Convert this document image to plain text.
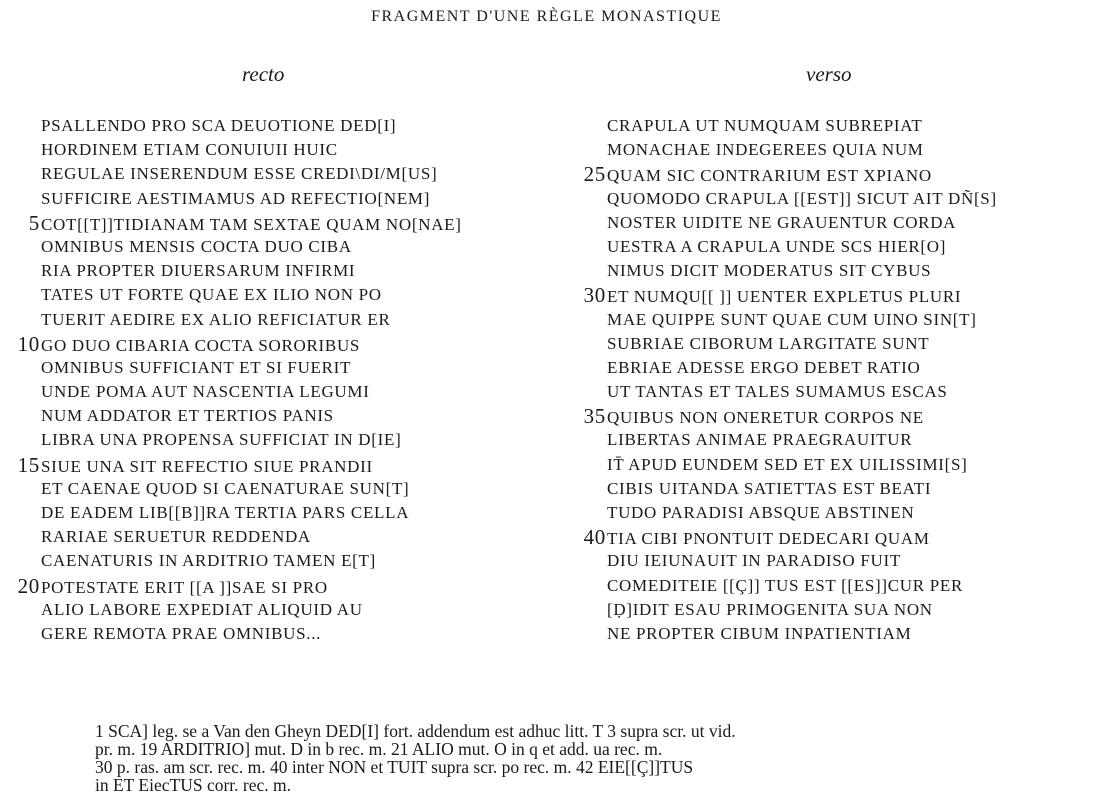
FRAGMENT D'UNE RÈGLE MONASTIQUE
recto	verso
PSALLENDO PRO SCA DEUOTIONE DED[I]
HORDINEM ETIAM CONUIUII HUIC
REGULAE INSERENDUM ESSE CREDI\DI/M[US]
SUFFICIRE AESTIMAMUS AD REFECTIO[NEM]
5COT[[T]]TIDIANAM TAM SEXTAE QUAM NO[NAE]
OMNIBUS MENSIS COCTA DUO CIBA
RIA PROPTER DIUERSARUM INFIRMI
TATES UT FORTE QUAE EX ILIO NON PO
TUERIT AEDIRE EX ALIO REFICIATUR ER
10GO DUO CIBARIA COCTA SORORIBUS
OMNIBUS SUFFICIANT ET SI FUERIT
UNDE POMA AUT NASCENTIA LEGUMI
NUM ADDATOR ET TERTIOS PANIS
LIBRA UNA PROPENSA SUFFICIAT IN D[IE]
15SIUE UNA SIT REFECTIO SIUE PRANDII
ET CAENAE QUOD SI CAENATURAE SUN[T]
DE EADEM LIB[[B]]RA TERTIA PARS CELLA
RARIAE SERUETUR REDDENDA
CAENATURIS IN ARDITRIO TAMEN E[T]
20POTESTATE ERIT [[A ]]SAE SI PRO
ALIO LABORE EXPEDIAT ALIQUID AU
GERE REMOTA PRAE OMNIBUS...
CRAPULA UT NUMQUAM SUBREPIAT
MONACHAE INDEGEREES QUIA NUM
25QUAM SIC CONTRARIUM EST XPIANO
QUOMODO CRAPULA [[EST]] SICUT AIT DÑ[S]
NOSTER UIDITE NE GRAUENTUR CORDA
UESTRA A CRAPULA UNDE SCS HIER[O]
NIMUS DICIT MODERATUS SIT CYBUS
30ET NUMQU[[ ]] UENTER EXPLETUS PLURI
MAE QUIPPE SUNT QUAE CUM UINO SIN[T]
SUBRIAE CIBORUM LARGITATE SUNT
EBRIAE ADESSE ERGO DEBET RATIO
UT TANTAS ET TALES SUMAMUS ESCAS
35QUIBUS NON ONERETUR CORPOS NE
LIBERTAS ANIMAE PRAEGRAUITUR
IT̄ APUD EUNDEM SED ET EX UILISSIMI[S]
CIBIS UITANDA SATIETTAS EST BEATI
TUDO PARADISI ABSQUE ABSTINEN
40TIA CIBI PNONTUIT DEDECARI QUAM
DIU IEIUNAUIT IN PARADISO FUIT
COMEDITEIE [[Ç]] TUS EST [[ES]]CUR PER
[Ḍ]IDIT ESAU PRIMOGENITA SUA NON
NE PROPTER CIBUM INPATIENTIAM
1 SCA] leg. se a Van den Gheyn DED[I] fort. addendum est adhuc litt. T 3 supra scr. ut vid.
pr. m. 19 ARDITRIO] mut. D in b rec. m. 21 ALIO mut. O in q et add. ua rec. m.
30 p. ras. am scr. rec. m. 40 inter NON et TUIT supra scr. po rec. m. 42 EIE[[Ç]]TUS
in ET EiecTUS corr. rec. m.
